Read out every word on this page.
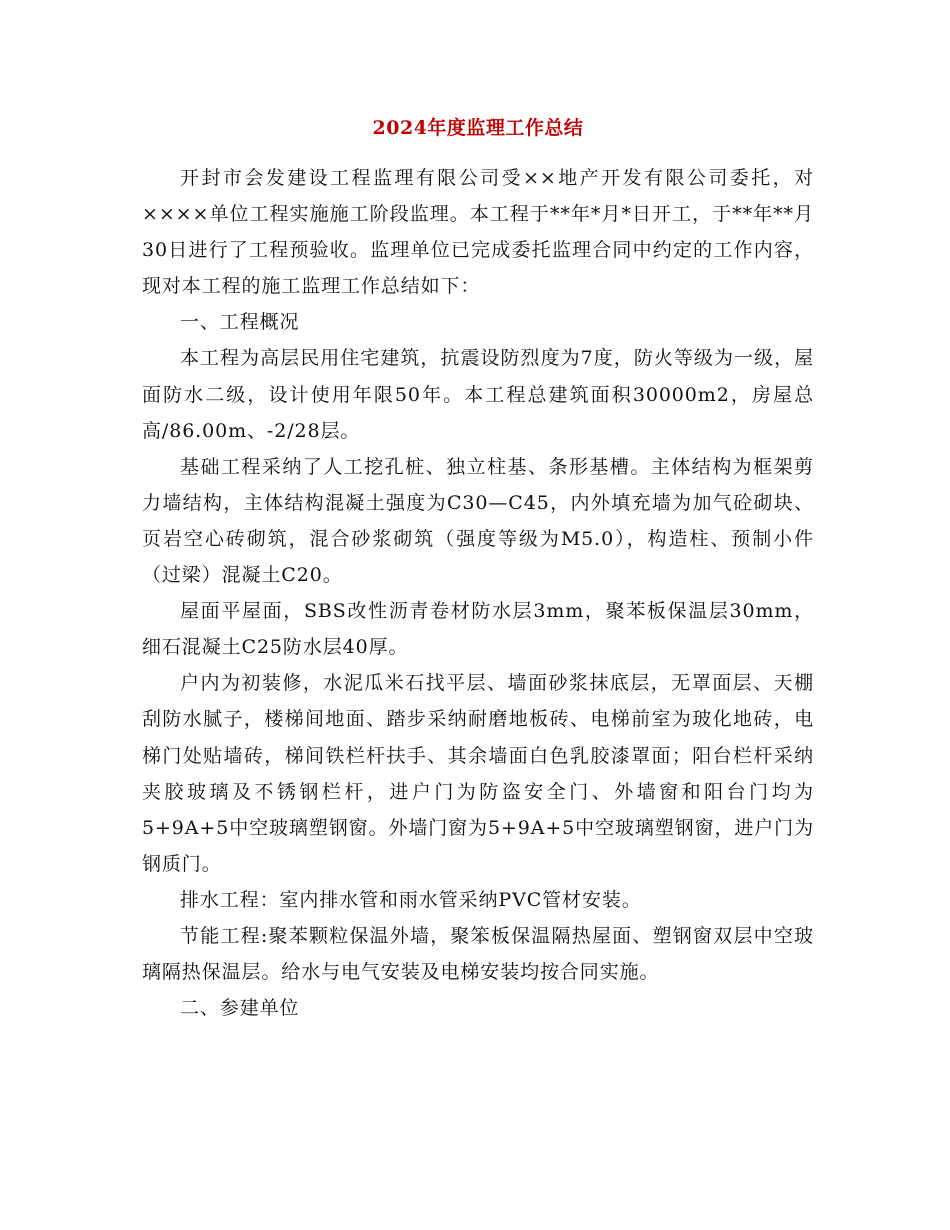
2024年度监理工作总结

开封市会发建设工程监理有限公司受××地产开发有限公司委托，对××××单位工程实施施工阶段监理。本工程于**年*月*日开工，于**年**月30日进行了工程预验收。监理单位已完成委托监理合同中约定的工作内容，现对本工程的施工监理工作总结如下：

一、工程概况

本工程为高层民用住宅建筑，抗震设防烈度为7度，防火等级为一级，屋面防水二级，设计使用年限50年。本工程总建筑面积30000m2，房屋总高/86.00m、-2/28层。

基础工程采纳了人工挖孔桩、独立柱基、条形基槽。主体结构为框架剪力墙结构，主体结构混凝土强度为C30—C45，内外填充墙为加气砼砌块、页岩空心砖砌筑，混合砂浆砌筑（强度等级为M5.0），构造柱、预制小件（过梁）混凝土C20。

屋面平屋面，SBS改性沥青卷材防水层3mm，聚苯板保温层30mm，细石混凝土C25防水层40厚。

户内为初装修，水泥瓜米石找平层、墙面砂浆抹底层，无罩面层、天棚刮防水腻子，楼梯间地面、踏步采纳耐磨地板砖、电梯前室为玻化地砖，电梯门处贴墙砖，梯间铁栏杆扶手、其余墙面白色乳胶漆罩面；阳台栏杆采纳夹胶玻璃及不锈钢栏杆，进户门为防盗安全门、外墙窗和阳台门均为5+9A+5中空玻璃塑钢窗。外墙门窗为5+9A+5中空玻璃塑钢窗，进户门为钢质门。

排水工程：室内排水管和雨水管采纳PVC管材安装。

节能工程:聚苯颗粒保温外墙，聚笨板保温隔热屋面、塑钢窗双层中空玻璃隔热保温层。给水与电气安装及电梯安装均按合同实施。

二、参建单位
